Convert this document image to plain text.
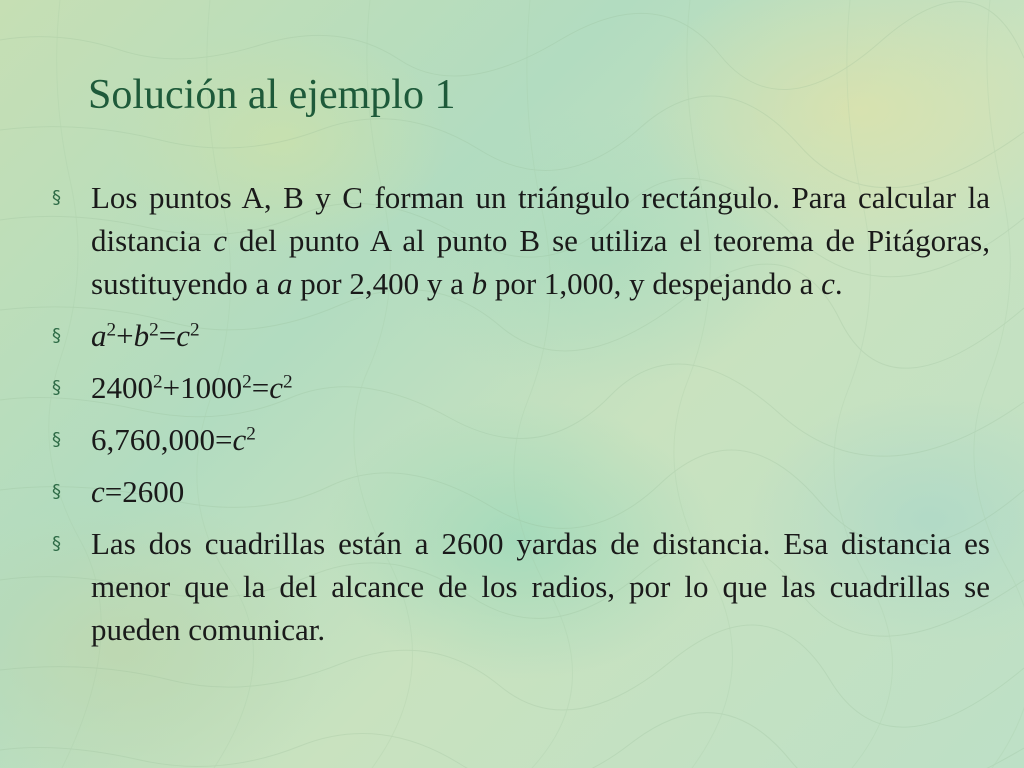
Solución al ejemplo 1
§ Los puntos A, B y C forman un triángulo rectángulo. Para calcular la distancia c del punto A al punto B se utiliza el teorema de Pitágoras, sustituyendo a a por 2,400 y a b por 1,000, y despejando a c.
§ $a^2+b^2=c^2$
§ $2400^2+1000^2=c^2$
§ $6,760,000=c^2$
§ c=2600
§ Las dos cuadrillas están a 2600 yardas de distancia. Esa distancia es menor que la del alcance de los radios, por lo que las cuadrillas se pueden comunicar.
